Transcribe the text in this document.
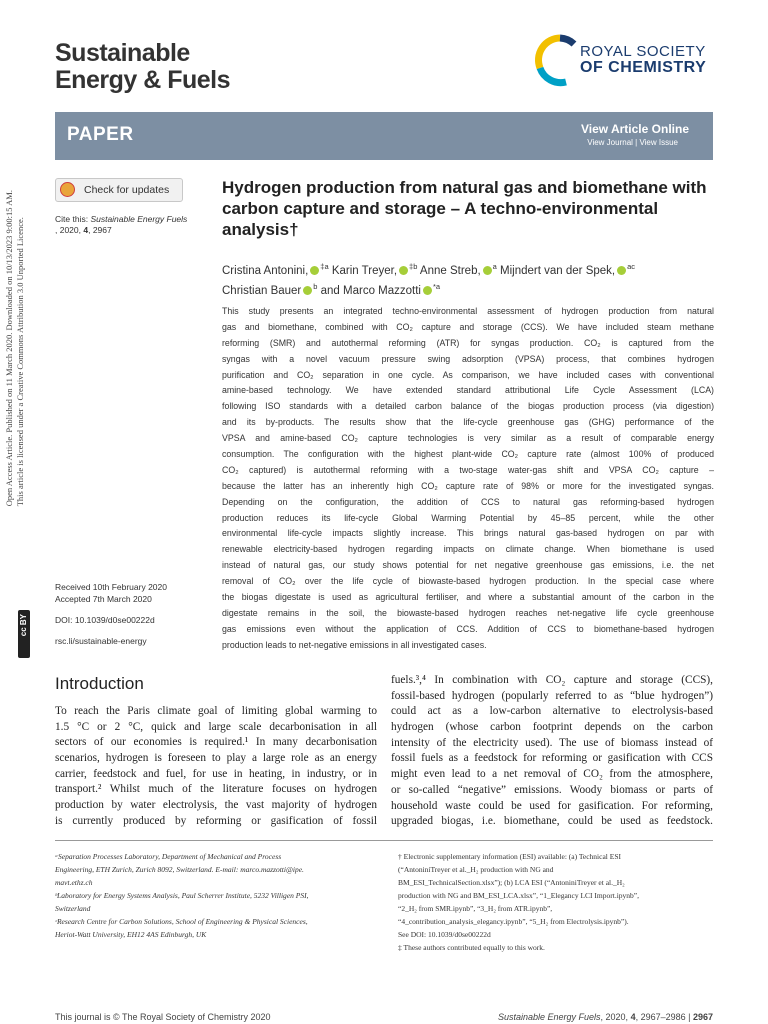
Sustainable
Energy & Fuels
ROYAL SOCIETY
OF CHEMISTRY
PAPER	View Article Online
View Journal | View Issue
Check for updates
Cite this: Sustainable Energy Fuels
, 2020, 4, 2967
Received 10th February 2020
Accepted 7th March 2020
DOI: 10.1039/d0se00222d
rsc.li/sustainable-energy
Open Access Article. Published on 11 March 2020. Downloaded on 10/13/2023 9:00:15 AM.
This article is licensed under a Creative Commons Attribution 3.0 Unported Licence.
cc BY
Hydrogen production from natural gas and biomethane with carbon capture and storage – A techno-environmental analysis†
Cristina Antonini, $^{\ddagger a}$ Karin Treyer, $^{\ddagger b}$ Anne Streb, $^a$ Mijndert van der Spek, $^{ac}$
Christian Bauer $^b$ and Marco Mazzotti $^{*a}$
This study presents an integrated techno-environmental assessment of hydrogen production from natural
gas and biomethane, combined with CO₂ capture and storage (CCS). We have included steam methane
reforming (SMR) and autothermal reforming (ATR) for syngas production. CO₂ is captured from the
syngas with a novel vacuum pressure swing adsorption (VPSA) process, that combines hydrogen
purification and CO₂ separation in one cycle. As comparison, we have included cases with conventional
amine-based technology. We have extended standard attributional Life Cycle Assessment (LCA)
following ISO standards with a detailed carbon balance of the biogas production process (via digestion)
and its by-products. The results show that the life-cycle greenhouse gas (GHG) performance of the
VPSA and amine-based CO₂ capture technologies is very similar as a result of comparable energy
consumption. The configuration with the highest plant-wide CO₂ capture rate (almost 100% of produced
CO₂ captured) is autothermal reforming with a two-stage water-gas shift and VPSA CO₂ capture –
because the latter has an inherently high CO₂ capture rate of 98% or more for the investigated syngas.
Depending on the configuration, the addition of CCS to natural gas reforming-based hydrogen
production reduces its life-cycle Global Warming Potential by 45–85 percent, while the other
environmental life-cycle impacts slightly increase. This brings natural gas-based hydrogen on par with
renewable electricity-based hydrogen regarding impacts on climate change. When biomethane is used
instead of natural gas, our study shows potential for net negative greenhouse gas emissions, i.e. the net
removal of CO₂ over the life cycle of biowaste-based hydrogen production. In the special case where
the biogas digestate is used as agricultural fertiliser, and where a substantial amount of the carbon in the
digestate remains in the soil, the biowaste-based hydrogen reaches net-negative life cycle greenhouse
gas emissions even without the application of CCS. Addition of CCS to biomethane-based hydrogen
production leads to net-negative emissions in all investigated cases.
Introduction
To reach the Paris climate goal of limiting global warming to
1.5 °C or 2 °C, quick and large scale decarbonisation in all
sectors of our economies is required.¹ In many decarbonisation
scenarios, hydrogen is foreseen to play a large role as an energy
carrier, feedstock and fuel, for use in heating, in industry, or in
transport.² Whilst much of the literature focuses on hydrogen
production by water electrolysis, the vast majority of hydrogen
is currently produced by reforming or gasification of fossil
fuels.³,⁴ In combination with CO₂ capture and storage (CCS),
fossil-based hydrogen (popularly referred to as “blue hydrogen”)
could act as a low-carbon alternative to electrolysis-based
hydrogen (whose carbon footprint depends on the carbon
intensity of the electricity used). The use of biomass instead of
fossil fuels as a feedstock for reforming or gasification with CCS
might even lead to a net removal of CO₂ from the atmosphere,
or so-called “negative” emissions. Woody biomass or parts of
household waste could be used for gasification. For reforming,
upgraded biogas, i.e. biomethane, could be used as feedstock.
ᵃSeparation Processes Laboratory, Department of Mechanical and Process
Engineering, ETH Zurich, Zurich 8092, Switzerland. E-mail: marco.mazzotti@ipe.
mavt.ethz.ch
ᵇLaboratory for Energy Systems Analysis, Paul Scherrer Institute, 5232 Villigen PSI,
Switzerland
ᶜResearch Centre for Carbon Solutions, School of Engineering & Physical Sciences,
Heriot-Watt University, EH12 4AS Edinburgh, UK
† Electronic supplementary information (ESI) available: (a) Technical ESI
(“AntoniniTreyer et al._H₂ production with NG and
BM_ESI_TechnicalSection.xlsx”); (b) LCA ESI (“AntoniniTreyer et al._H₂
production with NG and BM_ESI_LCA.xlsx”, “1_Elegancy LCI Import.ipynb”,
“2_H₂ from SMR.ipynb”, “3_H₂ from ATR.ipynb”,
“4_contribution_analysis_elegancy.ipynb”, “5_H₂ from Electrolysis.ipynb”).
See DOI: 10.1039/d0se00222d
‡ These authors contributed equally to this work.
This journal is © The Royal Society of Chemistry 2020	Sustainable Energy Fuels, 2020, 4, 2967–2986 | 2967
